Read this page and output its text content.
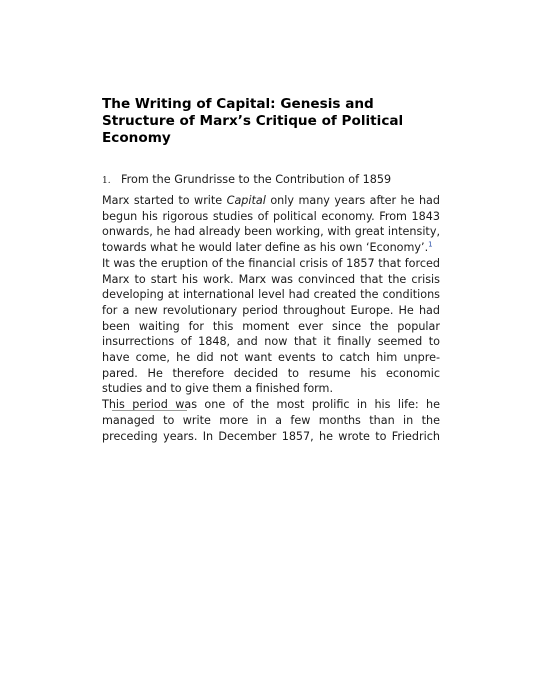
The Writing of Capital: Genesis and Structure of Marx’s Critique of Political Economy
1. From the Grundrisse to the Contribution of 1859

Marx started to write Capital only many years after he had begun his rigorous studies of political economy. From 1843 onwards, he had already been working, with great intensity, towards what he would later define as his own ‘Economy’.$^1$

It was the eruption of the financial crisis of 1857 that forced Marx to start his work. Marx was convinced that the crisis developing at international level had created the conditions for a new revolutionary period throughout Europe. He had been waiting for this moment ever since the popular insurrections of 1848, and now that it finally seemed to have come, he did not want events to catch him unpre- pared. He therefore decided to resume his economic studies and to give them a finished form.

This period was one of the most prolific in his life: he managed to write more in a few months than in the preceding years. In December 1857, he wrote to Friedrich
